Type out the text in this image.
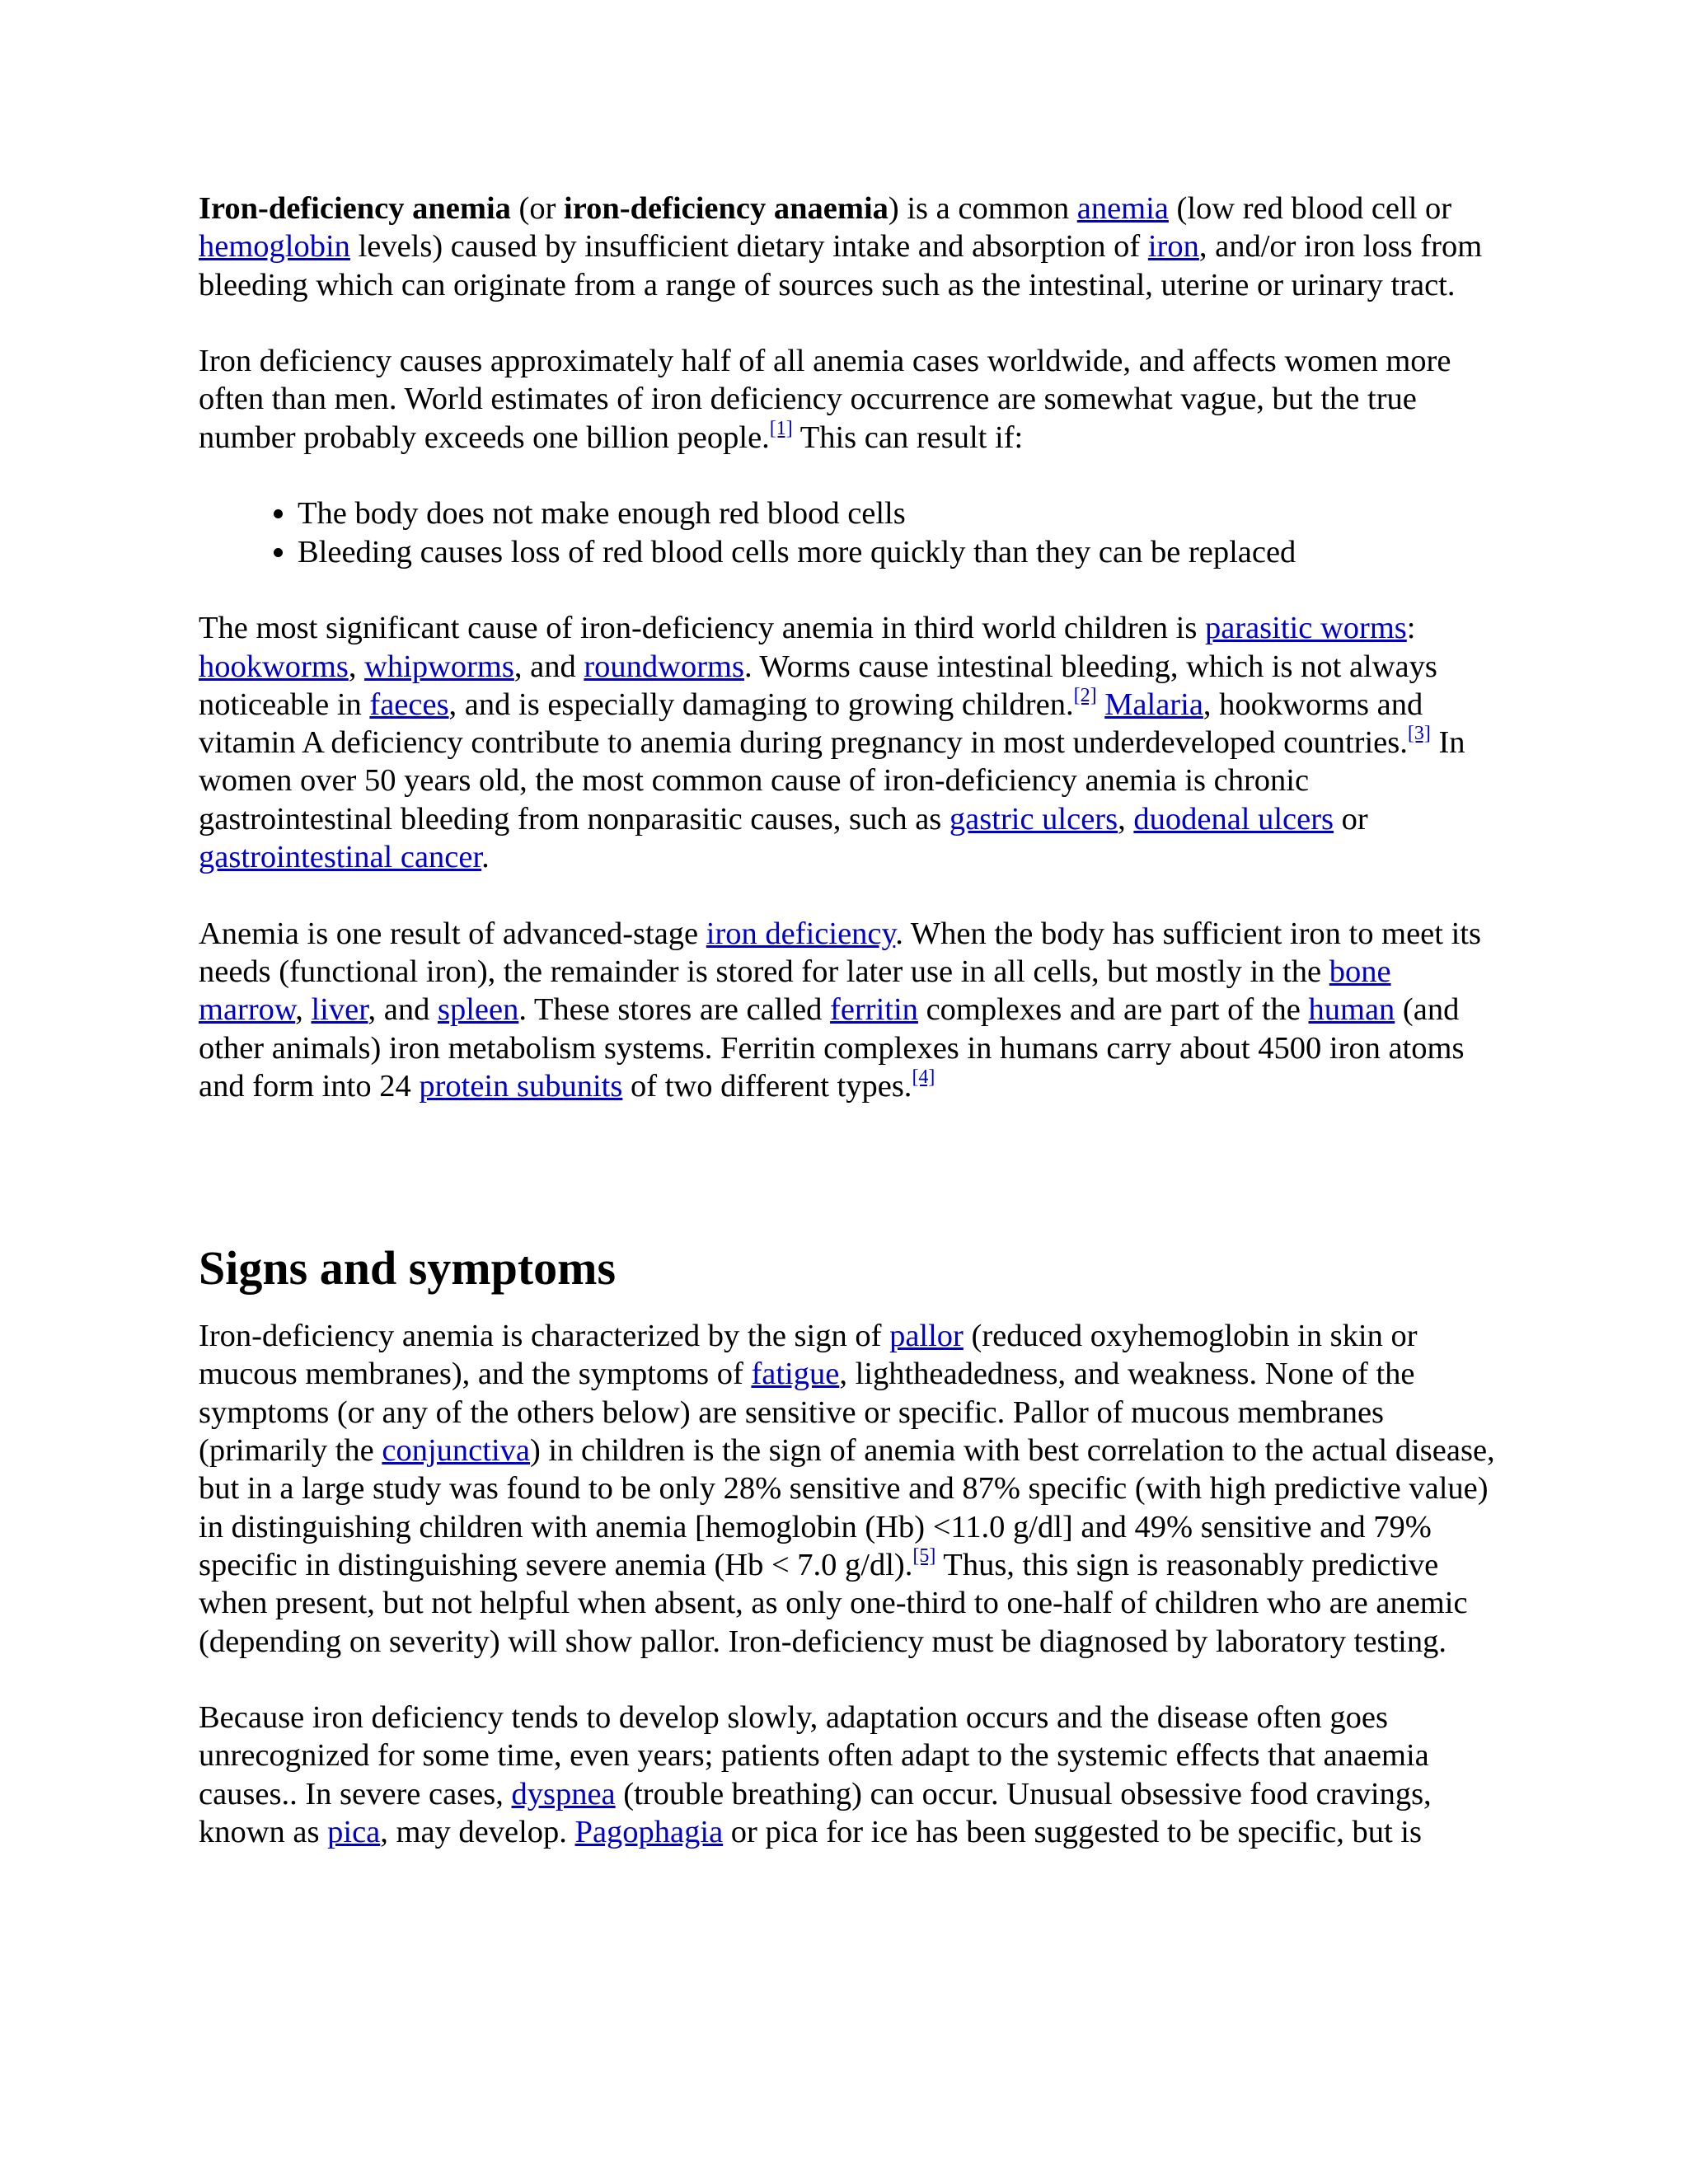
Iron-deficiency anemia (or iron-deficiency anaemia) is a common anemia (low red blood cell or hemoglobin levels) caused by insufficient dietary intake and absorption of iron, and/or iron loss from bleeding which can originate from a range of sources such as the intestinal, uterine or urinary tract.

Iron deficiency causes approximately half of all anemia cases worldwide, and affects women more often than men. World estimates of iron deficiency occurrence are somewhat vague, but the true number probably exceeds one billion people.[1] This can result if:

• The body does not make enough red blood cells
• Bleeding causes loss of red blood cells more quickly than they can be replaced

The most significant cause of iron-deficiency anemia in third world children is parasitic worms: hookworms, whipworms, and roundworms. Worms cause intestinal bleeding, which is not always noticeable in faeces, and is especially damaging to growing children.[2] Malaria, hookworms and vitamin A deficiency contribute to anemia during pregnancy in most underdeveloped countries.[3] In women over 50 years old, the most common cause of iron-deficiency anemia is chronic gastrointestinal bleeding from nonparasitic causes, such as gastric ulcers, duodenal ulcers or gastrointestinal cancer.

Anemia is one result of advanced-stage iron deficiency. When the body has sufficient iron to meet its needs (functional iron), the remainder is stored for later use in all cells, but mostly in the bone marrow, liver, and spleen. These stores are called ferritin complexes and are part of the human (and other animals) iron metabolism systems. Ferritin complexes in humans carry about 4500 iron atoms and form into 24 protein subunits of two different types.[4]

Signs and symptoms

Iron-deficiency anemia is characterized by the sign of pallor (reduced oxyhemoglobin in skin or mucous membranes), and the symptoms of fatigue, lightheadedness, and weakness. None of the symptoms (or any of the others below) are sensitive or specific. Pallor of mucous membranes (primarily the conjunctiva) in children is the sign of anemia with best correlation to the actual disease, but in a large study was found to be only 28% sensitive and 87% specific (with high predictive value) in distinguishing children with anemia [hemoglobin (Hb) <11.0 g/dl] and 49% sensitive and 79% specific in distinguishing severe anemia (Hb < 7.0 g/dl).[5] Thus, this sign is reasonably predictive when present, but not helpful when absent, as only one-third to one-half of children who are anemic (depending on severity) will show pallor. Iron-deficiency must be diagnosed by laboratory testing.

Because iron deficiency tends to develop slowly, adaptation occurs and the disease often goes unrecognized for some time, even years; patients often adapt to the systemic effects that anaemia causes.. In severe cases, dyspnea (trouble breathing) can occur. Unusual obsessive food cravings, known as pica, may develop. Pagophagia or pica for ice has been suggested to be specific, but is
